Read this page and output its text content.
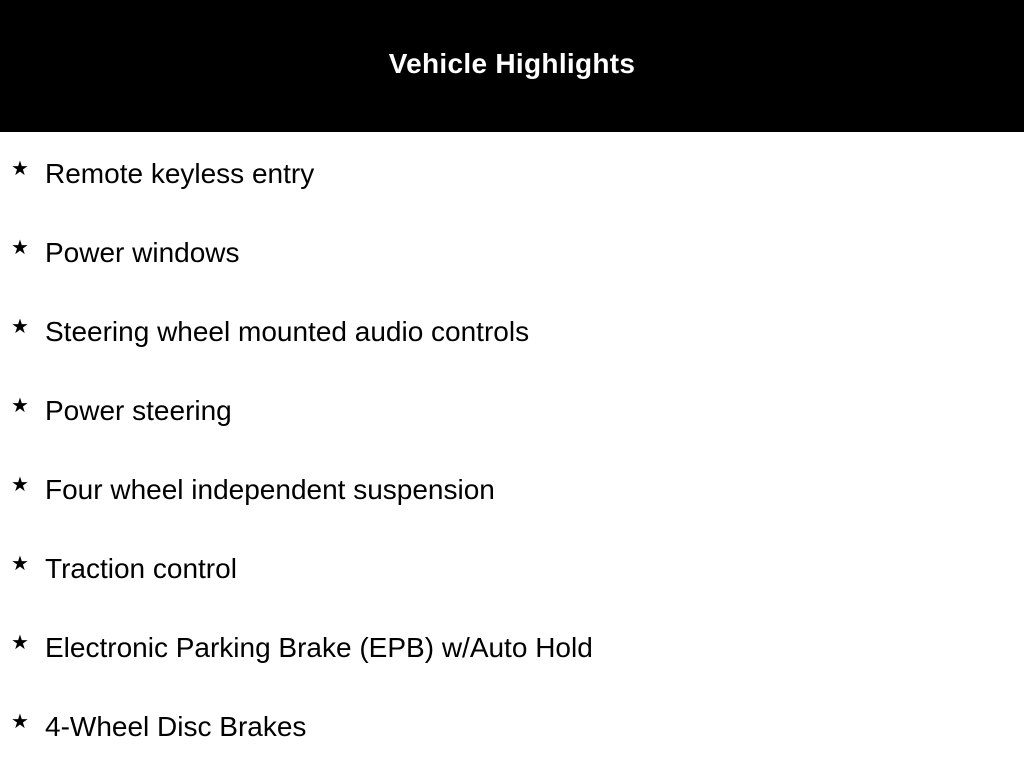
Vehicle Highlights
★ Remote keyless entry
★ Power windows
★ Steering wheel mounted audio controls
★ Power steering
★ Four wheel independent suspension
★ Traction control
★ Electronic Parking Brake (EPB) w/Auto Hold
★ 4-Wheel Disc Brakes
